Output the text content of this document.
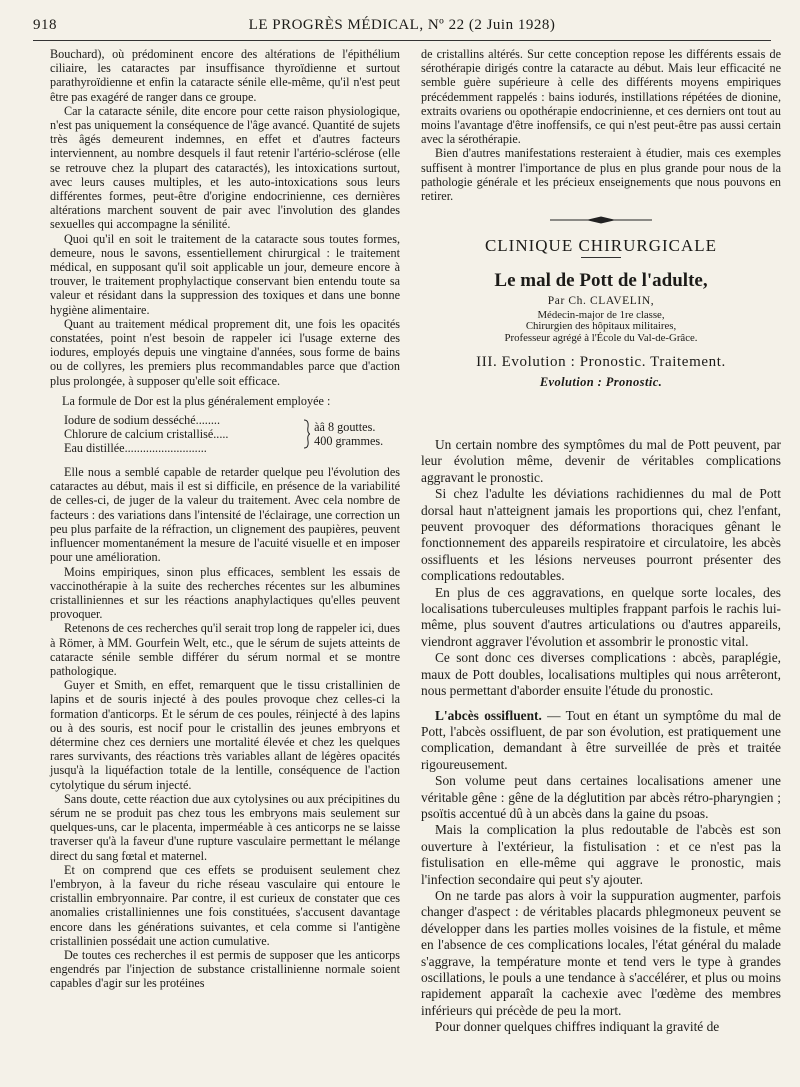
918	LE PROGRÈS MÉDICAL, Nº 22 (2 Juin 1928)

Bouchard), où prédominent encore des altérations de l'épithélium ciliaire, les cataractes par insuffisance thyroïdienne et surtout parathyroïdienne et enfin la cataracte sénile elle-même, qu'il n'est peut être pas exagéré de ranger dans ce groupe.

Car la cataracte sénile, dite encore pour cette raison physiologique, n'est pas uniquement la conséquence de l'âge avancé. Quantité de sujets très âgés demeurent indemnes, en effet et d'autres facteurs interviennent, au nombre desquels il faut retenir l'artério-sclérose (elle se retrouve chez la plupart des cataractés), les intoxications surtout, avec leurs causes multiples, et les auto-intoxications sous leurs différentes formes, peut-être d'origine endocrinienne, ces dernières altérations marchent souvent de pair avec l'involution des glandes sexuelles qui accompagne la sénilité.

Quoi qu'il en soit le traitement de la cataracte sous toutes formes, demeure, nous le savons, essentiellement chirurgical : le traitement médical, en supposant qu'il soit applicable un jour, demeure encore à trouver, le traitement prophylactique conservant bien entendu toute sa valeur et résidant dans la suppression des toxiques et dans une bonne hygiène alimentaire.

Quant au traitement médical proprement dit, une fois les opacités constatées, point n'est besoin de rappeler ici l'usage externe des iodures, employés depuis une vingtaine d'années, sous forme de bains ou de collyres, les premiers plus recommandables parce que d'action plus prolongée, à supposer qu'elle soit efficace.

La formule de Dor est la plus généralement employée :
Iodure de sodium desséché........
Chlorure de calcium cristallisé.....
Eau distillée...........................
àâ 8 gouttes.
400 grammes.

Elle nous a semblé capable de retarder quelque peu l'évolution des cataractes au début, mais il est si difficile, en présence de la variabilité de celles-ci, de juger de la valeur du traitement. Avec cela nombre de facteurs : des variations dans l'intensité de l'éclairage, une correction un peu plus parfaite de la réfraction, un clignement des paupières, peuvent influencer momentanément la mesure de l'acuité visuelle et en imposer pour une amélioration.

Moins empiriques, sinon plus efficaces, semblent les essais de vaccinothérapie à la suite des recherches récentes sur les albumines cristalliniennes et sur les réactions anaphylactiques qu'elles peuvent provoquer.

Retenons de ces recherches qu'il serait trop long de rappeler ici, dues à Römer, à MM. Gourfein Welt, etc., que le sérum de sujets atteints de cataracte sénile semble différer du sérum normal et se montre pathologique.

Guyer et Smith, en effet, remarquent que le tissu cristallinien de lapins et de souris injecté à des poules provoque chez celles-ci la formation d'anticorps. Et le sérum de ces poules, réinjecté à des lapins ou à des souris, est nocif pour le cristallin des jeunes embryons et détermine chez ces derniers une mortalité élevée et chez les quelques rares survivants, des réactions très variables allant de légères opacités jusqu'à la liquéfaction totale de la lentille, conséquence de l'action cytolytique du sérum injecté.

Sans doute, cette réaction due aux cytolysines ou aux précipitines du sérum ne se produit pas chez tous les embryons mais seulement sur quelques-uns, car le placenta, imperméable à ces anticorps ne se laisse traverser qu'à la faveur d'une rupture vasculaire permettant le mélange direct du sang fœtal et maternel.

Et on comprend que ces effets se produisent seulement chez l'embryon, à la faveur du riche réseau vasculaire qui entoure le cristallin embryonnaire. Par contre, il est curieux de constater que ces anomalies cristalliniennes une fois constituées, s'accusent davantage encore dans les générations suivantes, et cela comme si l'antigène cristallinien possédait une action cumulative.

De toutes ces recherches il est permis de supposer que les anticorps engendrés par l'injection de substance cristallinienne normale soient capables d'agir sur les protéines

de cristallins altérés. Sur cette conception repose les différents essais de sérothérapie dirigés contre la cataracte au début. Mais leur efficacité ne semble guère supérieure à celle des différents moyens empiriques précédemment rappelés : bains iodurés, instillations répétées de dionine, extraits ovariens ou opothérapie endocrinienne, et ces derniers ont tout au moins l'avantage d'être inoffensifs, ce qui n'est peut-être pas aussi certain avec la sérothérapie.

Bien d'autres manifestations resteraient à étudier, mais ces exemples suffisent à montrer l'importance de plus en plus grande pour nous de la pathologie générale et les précieux enseignements que nous pouvons en retirer.

CLINIQUE CHIRURGICALE
Le mal de Pott de l'adulte,
Par Ch. CLAVELIN,
Médecin-major de 1re classe,
Chirurgien des hôpitaux militaires,
Professeur agrégé à l'École du Val-de-Grâce.
III. Evolution : Pronostic. Traitement.
Evolution : Pronostic.

Un certain nombre des symptômes du mal de Pott peuvent, par leur évolution même, devenir de véritables complications aggravant le pronostic.

Si chez l'adulte les déviations rachidiennes du mal de Pott dorsal haut n'atteignent jamais les proportions qui, chez l'enfant, peuvent provoquer des déformations thoraciques gênant le fonctionnement des appareils respiratoire et circulatoire, les abcès ossifluents et les lésions nerveuses pourront présenter des complications redoutables.

En plus de ces aggravations, en quelque sorte locales, des localisations tuberculeuses multiples frappant parfois le rachis lui-même, plus souvent d'autres articulations ou d'autres appareils, viendront aggraver l'évolution et assombrir le pronostic vital.

Ce sont donc ces diverses complications : abcès, paraplégie, maux de Pott doubles, localisations multiples qui nous arrêteront, nous permettant d'aborder ensuite l'étude du pronostic.

L'abcès ossifluent. — Tout en étant un symptôme du mal de Pott, l'abcès ossifluent, de par son évolution, est pratiquement une complication, demandant à être surveillée de près et traitée rigoureusement.

Son volume peut dans certaines localisations amener une véritable gêne : gêne de la déglutition par abcès rétro-pharyngien ; psoïtis accentué dû à un abcès dans la gaine du psoas.

Mais la complication la plus redoutable de l'abcès est son ouverture à l'extérieur, la fistulisation : et ce n'est pas la fistulisation en elle-même qui aggrave le pronostic, mais l'infection secondaire qui peut s'y ajouter.

On ne tarde pas alors à voir la suppuration augmenter, parfois changer d'aspect : de véritables placards phlegmoneux peuvent se développer dans les parties molles voisines de la fistule, et même en l'absence de ces complications locales, l'état général du malade s'aggrave, la température monte et tend vers le type à grandes oscillations, le pouls a une tendance à s'accélérer, et plus ou moins rapidement apparaît la cachexie avec l'œdème des membres inférieurs qui précède de peu la mort.

Pour donner quelques chiffres indiquant la gravité de
